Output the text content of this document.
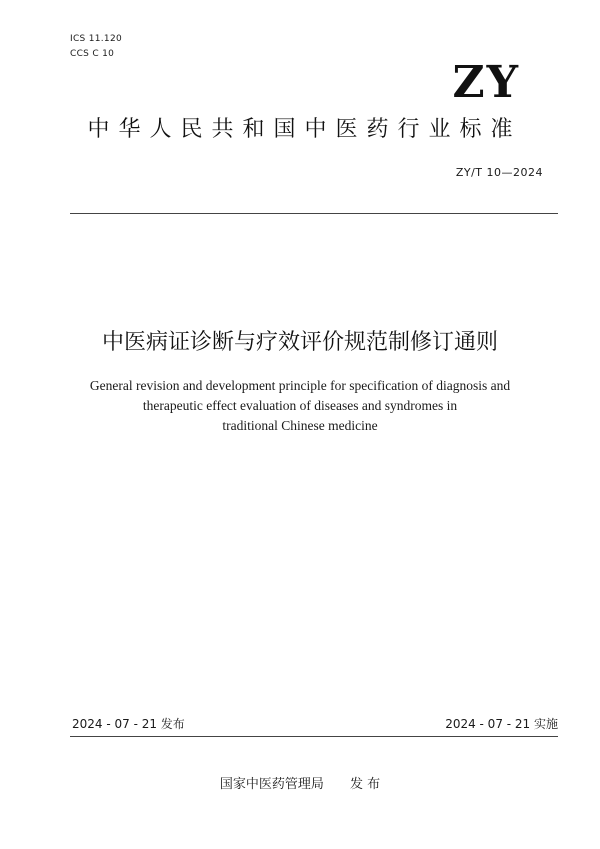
ICS 11.120
CCS C 10
ZY
中华人民共和国中医药行业标准
ZY/T 10—2024
中医病证诊断与疗效评价规范制修订通则
General revision and development principle for specification of diagnosis and
therapeutic effect evaluation of diseases and syndromes in
traditional Chinese medicine
2024 - 07 - 21 发布	2024 - 07 - 21 实施
国家中医药管理局 发 布
